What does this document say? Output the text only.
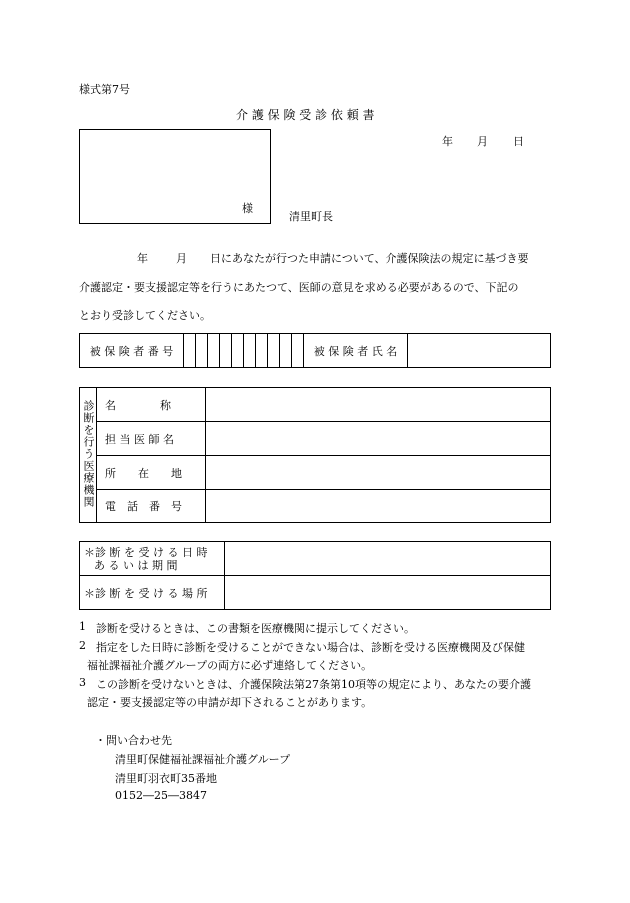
様式第7号
介 護 保 険 受 診 依 頼 書
年 月 日
様
清里町長
年	月 日にあなたが行つた申請について、介護保険法の規定に基づき要
介護認定・要支援認定等を行うにあたつて、医師の意見を求める必要があるので、下記の
とおり受診してください。
被 保 険 者 番 号											被 保 険 者 氏 名	
診断を行う医療機関	名　　　　称	
	担 当 医 師 名	
	所　　在　　地	
	電　話　番　号	
＊診 断 を 受 け る 日 時
あ る い は 期 間	

＊診 断 を 受 け る 場 所	
1 診断を受けるときは、この書類を医療機関に提示してください。
2 指定をした日時に診断を受けることができない場合は、診断を受ける医療機関及び保健
福祉課福祉介護グループの両方に必ず連絡してください。
3 この診断を受けないときは、介護保険法第27条第10項等の規定により、あなたの要介護
認定・要支援認定等の申請が却下されることがあります。
・問い合わせ先
清里町保健福祉課福祉介護グループ
清里町羽衣町35番地
0152―25―3847
